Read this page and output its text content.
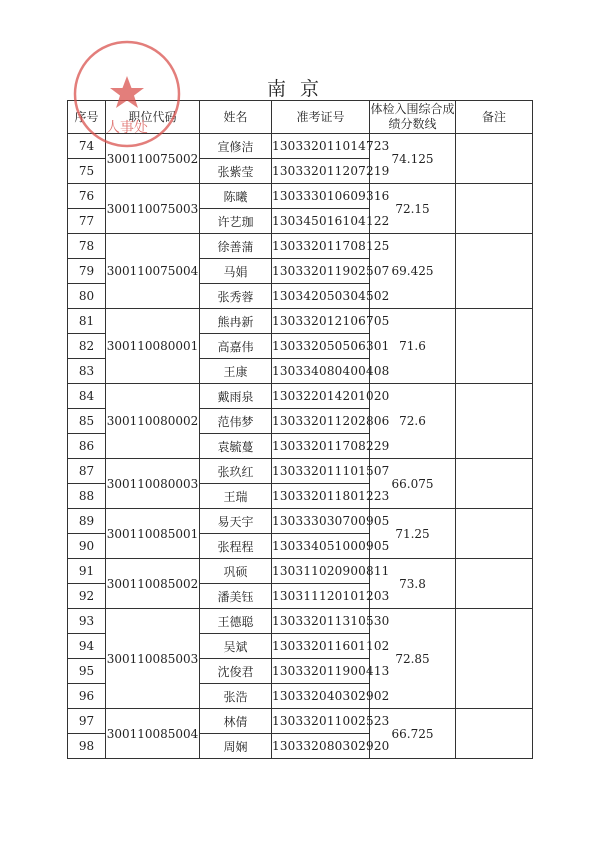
南京
序号	职位代码	姓名	准考证号	体检入围综合成绩分数线	备注
74	300110075002	宣修洁	130332011014723	74.125	
75		张紫莹	130332011207219		
76	300110075003	陈曦	130333010609316	72.15	
77		许艺珈	130345016104122		
78	300110075004	徐善蒲	130332011708125	69.425	
79		马娟	130332011902507		
80		张秀蓉	130342050304502		
81	300110080001	熊冉新	130332012106705	71.6	
82		高嘉伟	130332050506301		
83		王康	130334080400408		
84	300110080002	戴雨泉	130322014201020	72.6	
85		范伟梦	130332011202806		
86		袁毓蔓	130332011708229		
87	300110080003	张玖红	130332011101507	66.075	
88		王瑞	130332011801223		
89	300110085001	易天宇	130333030700905	71.25	
90		张程程	130334051000905		
91	300110085002	巩硕	130311020900811	73.8	
92		潘美钰	130311120101203		
93	300110085003	王德聪	130332011310530	72.85	
94		吴斌	130332011601102		
95		沈俊君	130332011900413		
96		张浩	130332040302902		
97	300110085004	林倩	130332011002523	66.725	
98		周娴	130332080302920		
人事处
